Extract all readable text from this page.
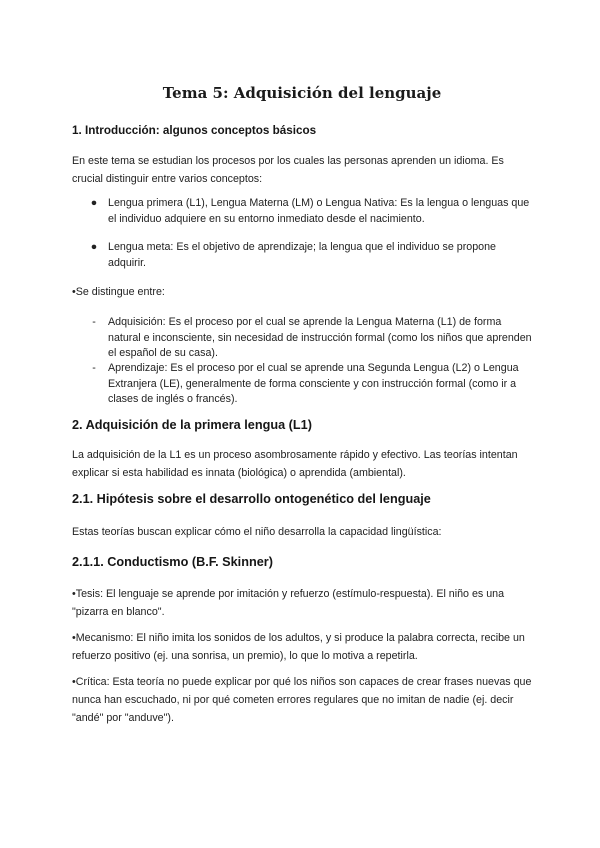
Tema 5: Adquisición del lenguaje
1. Introducción: algunos conceptos básicos

En este tema se estudian los procesos por los cuales las personas aprenden un idioma. Es crucial distinguir entre varios conceptos:

● Lengua primera (L1), Lengua Materna (LM) o Lengua Nativa: Es la lengua o lenguas que el individuo adquiere en su entorno inmediato desde el nacimiento.

● Lengua meta: Es el objetivo de aprendizaje; la lengua que el individuo se propone adquirir.

•Se distingue entre:

-	Adquisición: Es el proceso por el cual se aprende la Lengua Materna (L1) de forma natural e inconsciente, sin necesidad de instrucción formal (como los niños que aprenden el español de su casa).

-	Aprendizaje: Es el proceso por el cual se aprende una Segunda Lengua (L2) o Lengua Extranjera (LE), generalmente de forma consciente y con instrucción formal (como ir a clases de inglés o francés).

2. Adquisición de la primera lengua (L1)

La adquisición de la L1 es un proceso asombrosamente rápido y efectivo. Las teorías intentan explicar si esta habilidad es innata (biológica) o aprendida (ambiental).

2.1. Hipótesis sobre el desarrollo ontogenético del lenguaje

Estas teorías buscan explicar cómo el niño desarrolla la capacidad lingüística:

2.1.1. Conductismo (B.F. Skinner)

•Tesis: El lenguaje se aprende por imitación y refuerzo (estímulo-respuesta). El niño es una "pizarra en blanco".

•Mecanismo: El niño imita los sonidos de los adultos, y si produce la palabra correcta, recibe un refuerzo positivo (ej. una sonrisa, un premio), lo que lo motiva a repetirla.

•Crítica: Esta teoría no puede explicar por qué los niños son capaces de crear frases nuevas que nunca han escuchado, ni por qué cometen errores regulares que no imitan de nadie (ej. decir "andé" por "anduve").
